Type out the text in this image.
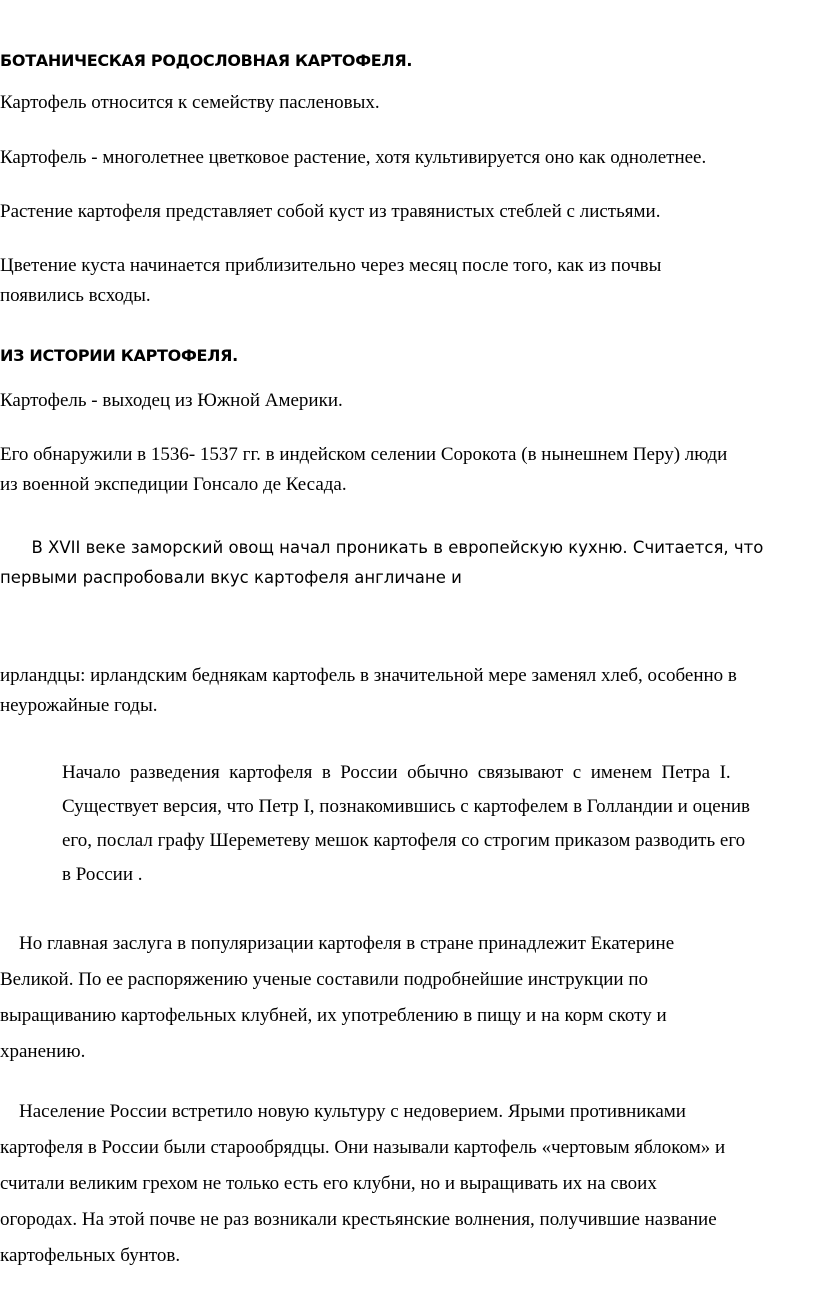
БОТАНИЧЕСКАЯ РОДОСЛОВНАЯ КАРТОФЕЛЯ.
Картофель относится к семейству пасленовых.
Картофель - многолетнее цветковое растение, хотя культивируется оно как однолетнее.
Растение картофеля представляет собой куст из травянистых стеблей с листьями.
Цветение куста начинается приблизительно через месяц после того, как из почвы
появились всходы.
ИЗ ИСТОРИИ КАРТОФЕЛЯ.
Картофель - выходец из Южной Америки.
Его обнаружили в 1536- 1537 гг. в индейском селении Сорокота (в нынешнем Перу) люди
из военной экспедиции Гонсало де Кесада.
В XVII веке заморский овощ начал проникать в европейскую кухню. Считается, что
первыми распробовали вкус картофеля англичане и
ирландцы: ирландским беднякам картофель в значительной мере заменял хлеб, особенно в
неурожайные годы.
Начало  разведения  картофеля  в  России  обычно  связывают  с  именем  Петра  I.
Существует версия, что Петр I, познакомившись с картофелем в Голландии и оценив
его, послал графу Шереметеву мешок картофеля со строгим приказом разводить его
в России .
Но главная заслуга в популяризации картофеля в стране принадлежит Екатерине
Великой. По ее распоряжению ученые составили подробнейшие инструкции по
выращиванию картофельных клубней, их употреблению в пищу и на корм скоту и
хранению.
Население России встретило новую культуру с недоверием. Ярыми противниками
картофеля в России были старообрядцы. Они называли картофель «чертовым яблоком» и
считали великим грехом не только есть его клубни, но и выращивать их на своих
огородах. На этой почве не раз возникали крестьянские волнения, получившие название
картофельных бунтов.
